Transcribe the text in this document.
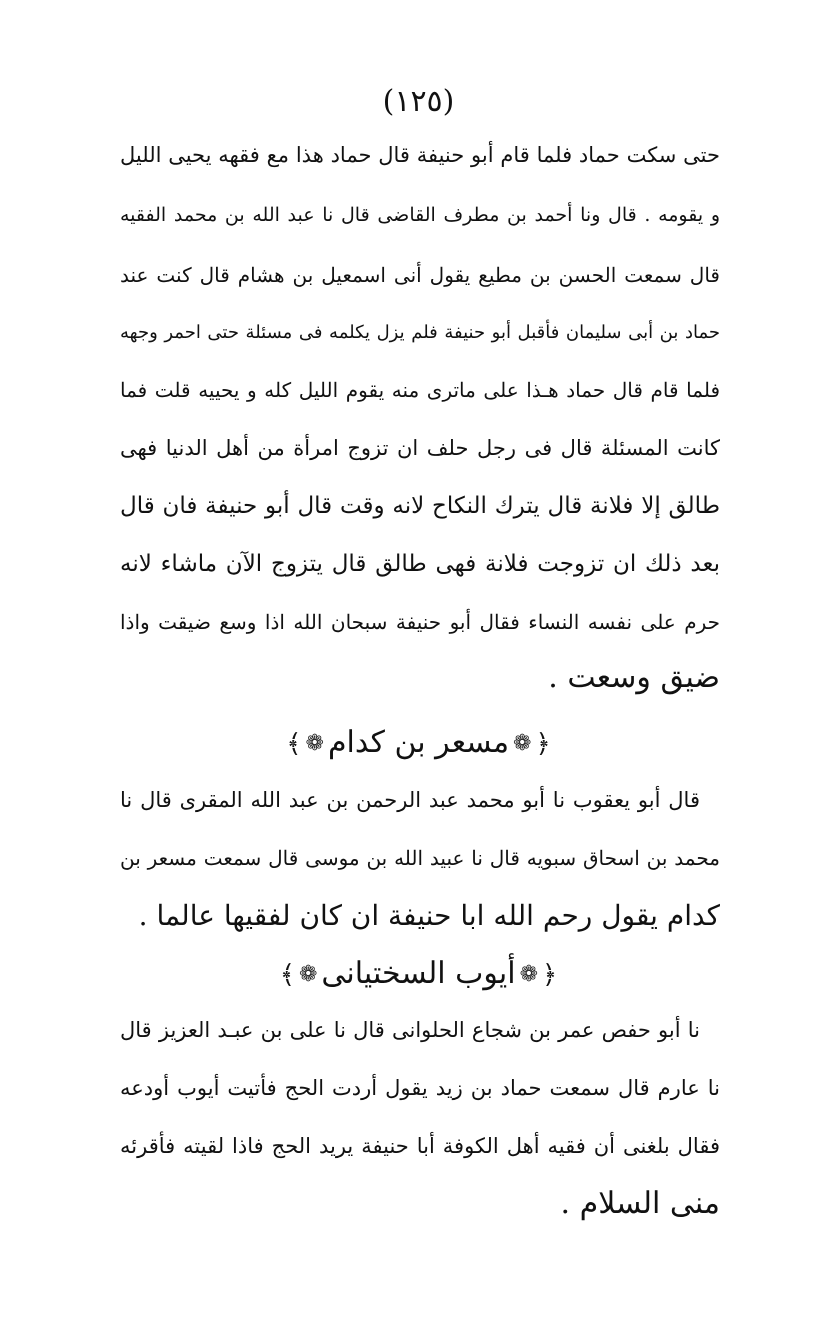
(١٢٥)
حتى سكت حماد فلما قام أبو حنيفة قال حماد هذا مع فقهه يحيى الليل
و يقومه . قال ونا أحمد بن مطرف القاضى قال نا عبد الله بن محمد الفقيه
قال سمعت الحسن بن مطيع يقول أنى اسمعيل بن هشام قال كنت عند
حماد بن أبى سليمان فأقبل أبو حنيفة فلم يزل يكلمه فى مسئلة حتى احمر وجهه
فلما قام قال حماد هـذا على ماترى منه يقوم الليل كله و يحييه قلت فما
كانت المسئلة قال فى رجل حلف ان تزوج امرأة من أهل الدنيا فهى
طالق إلا فلانة قال يترك النكاح لانه وقت قال أبو حنيفة فان قال
بعد ذلك ان تزوجت فلانة فهى طالق قال يتزوج الآن ماشاء لانه
حرم على نفسه النساء فقال أبو حنيفة سبحان الله اذا وسع ضيقت واذا
ضيق وسعت .
﴿❁مسعر بن كدام❁﴾
قال أبو يعقوب نا أبو محمد عبد الرحمن بن عبد الله المقرى قال نا
محمد بن اسحاق سبويه قال نا عبيد الله بن موسى قال سمعت مسعر بن
كدام يقول رحم الله ابا حنيفة ان كان لفقيها عالما .
﴿❁أيوب السختيانى❁﴾
نا أبو حفص عمر بن شجاع الحلوانى قال نا على بن عبـد العزيز قال
نا عارم قال سمعت حماد بن زيد يقول أردت الحج فأتيت أيوب أودعه
فقال بلغنى أن فقيه أهل الكوفة أبا حنيفة يريد الحج فاذا لقيته فأقرئه
منى السلام .
